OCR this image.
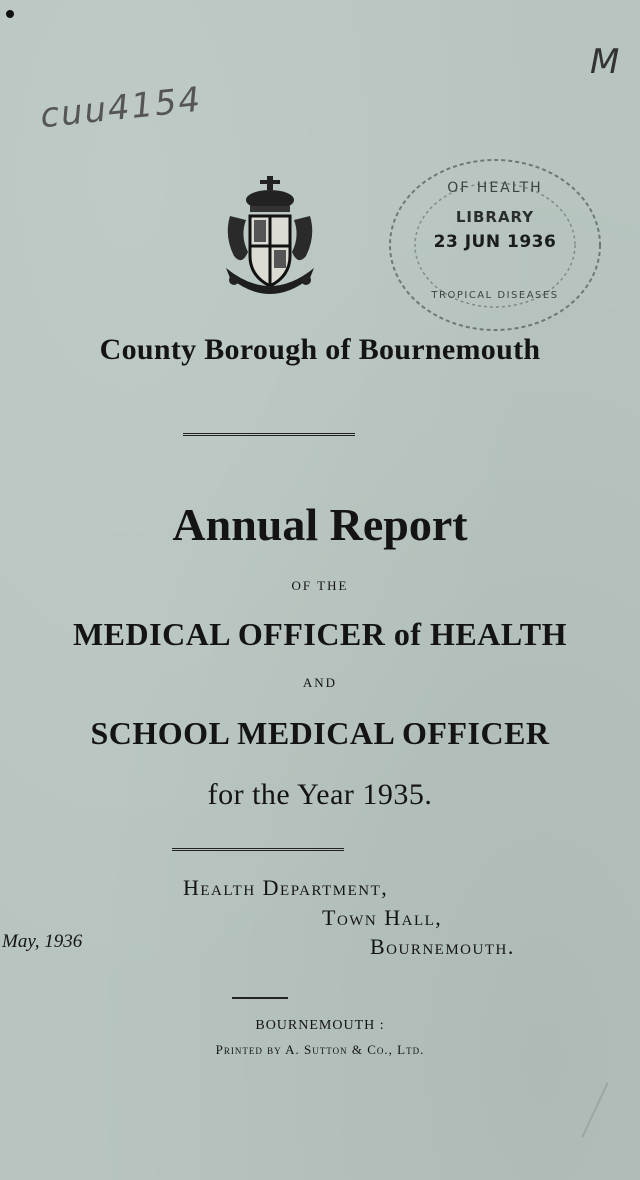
cuu4154
M
OF HEALTH
LIBRARY
23 JUN 1936
TROPICAL DISEASES
County Borough of Bournemouth
Annual Report
OF THE
MEDICAL OFFICER of HEALTH
AND
SCHOOL MEDICAL OFFICER
for the Year 1935.
Health Department,
Town Hall,
Bournemouth.
May, 1936
BOURNEMOUTH :
Printed by A. Sutton & Co., Ltd.
